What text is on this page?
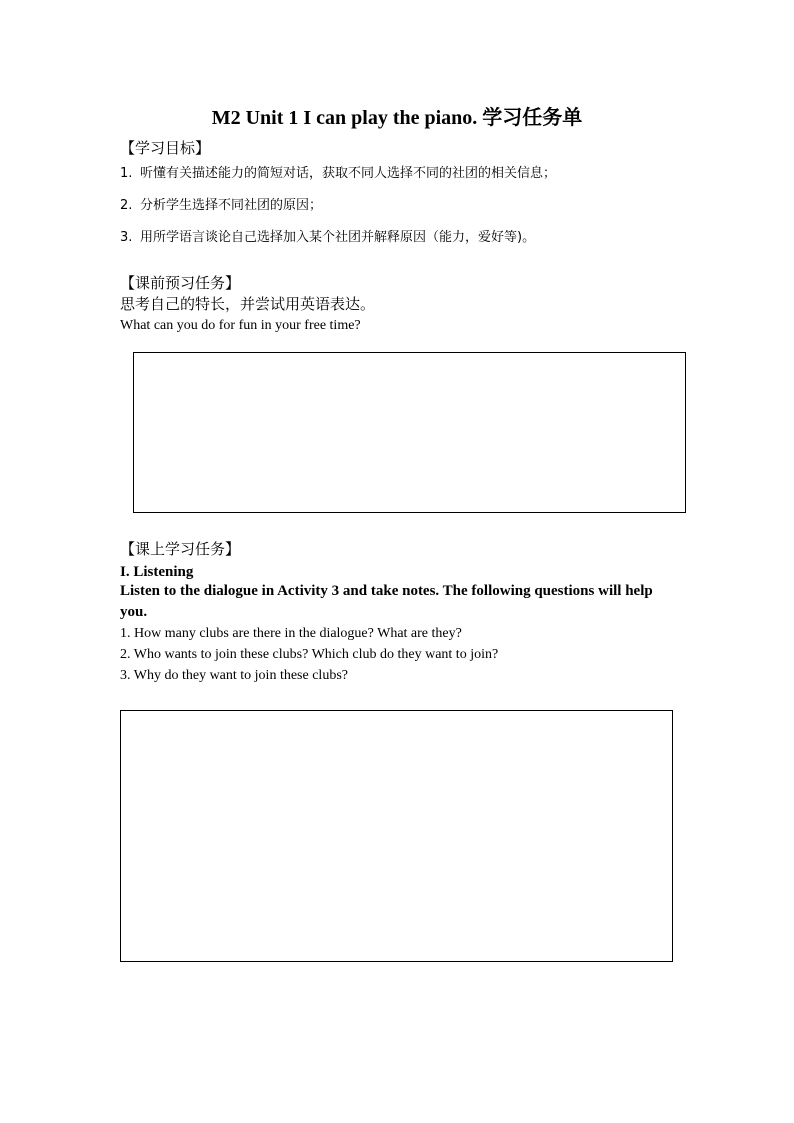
M2 Unit 1 I can play the piano. 学习任务单
【学习目标】
1. 听懂有关描述能力的简短对话，获取不同人选择不同的社团的相关信息；
2. 分析学生选择不同社团的原因；
3. 用所学语言谈论自己选择加入某个社团并解释原因（能力，爱好等)。
【课前预习任务】
思考自己的特长，并尝试用英语表达。
What can you do for fun in your free time?
【课上学习任务】
I. Listening
Listen to the dialogue in Activity 3 and take notes. The following questions will help you.
1. How many clubs are there in the dialogue? What are they?
2. Who wants to join these clubs? Which club do they want to join?
3. Why do they want to join these clubs?
